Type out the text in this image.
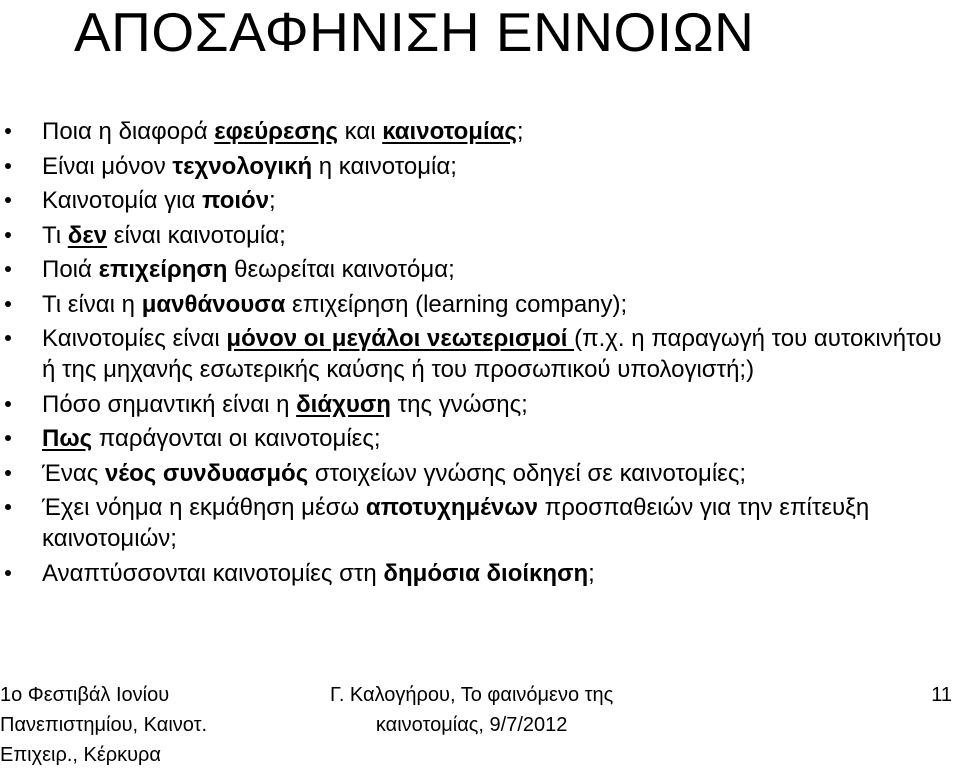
ΑΠΟΣΑΦΗΝΙΣΗ ΕΝΝΟΙΩΝ
Ποια η διαφορά εφεύρεσης και καινοτομίας;
Είναι μόνον τεχνολογική η καινοτομία;
Καινοτομία για ποιόν;
Τι δεν είναι καινοτομία;
Ποιά επιχείρηση θεωρείται καινοτόμα;
Τι είναι η μανθάνουσα επιχείρηση (learning company);
Καινοτομίες είναι μόνον οι μεγάλοι νεωτερισμοί (π.χ. η παραγωγή του αυτοκινήτου ή της μηχανής εσωτερικής καύσης ή του προσωπικού υπολογιστή;)
Πόσο σημαντική είναι η διάχυση της γνώσης;
Πως παράγονται οι καινοτομίες;
Ένας νέος συνδυασμός στοιχείων γνώσης οδηγεί σε καινοτομίες;
Έχει νόημα η εκμάθηση μέσω αποτυχημένων προσπαθειών για την επίτευξη καινοτομιών;
Αναπτύσσονται καινοτομίες στη δημόσια διοίκηση;
1ο Φεστιβάλ Ιονίου
Πανεπιστημίου, Καινοτ.
Επιχειρ., Κέρκυρα
Γ. Καλογήρου, Το φαινόμενο της
καινοτομίας, 9/7/2012
11
